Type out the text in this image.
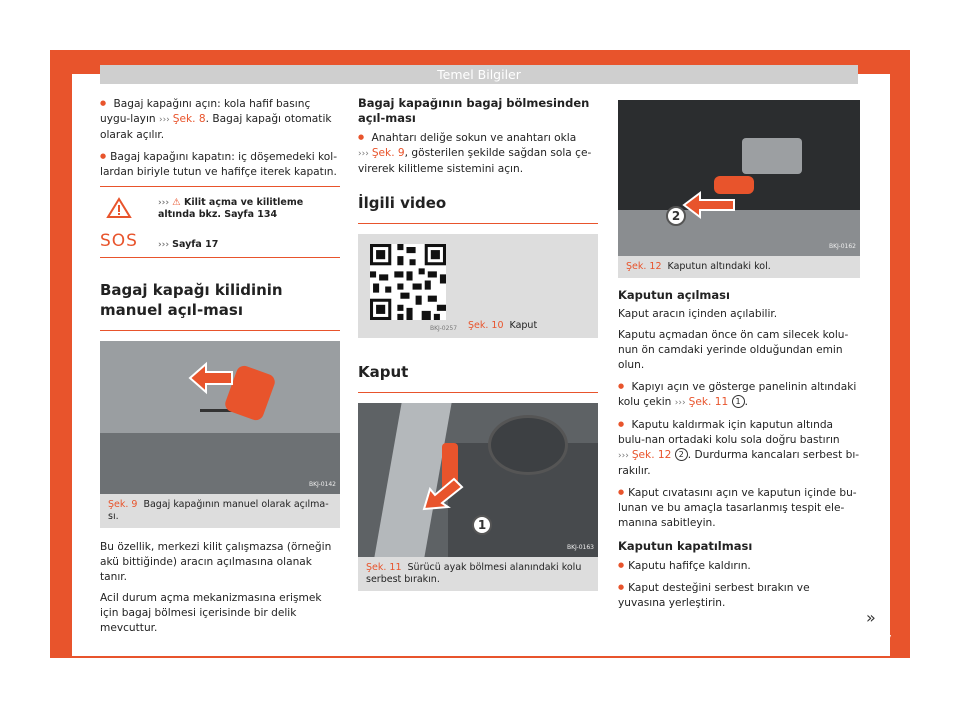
Temel Bilgiler

● Bagaj kapağını açın: kola hafif basınç uygu-layın ››› Şek. 8. Bagaj kapağı otomatik olarak açılır.

● Bagaj kapağını kapatın: iç döşemedeki kol-lardan biriyle tutun ve hafifçe iterek kapatın.

SOS
››› ⚠ Kilit açma ve kilitleme altında bkz. Sayfa 134
››› Sayfa 17
Bagaj kapağı kilidinin manuel açıl-ması
BKJ-0142
Şek. 9 Bagaj kapağının manuel olarak açılma-sı.

Bu özellik, merkezi kilit çalışmazsa (örneğin akü bittiğinde) aracın açılmasına olanak tanır.

Acil durum açma mekanizmasına erişmek için bagaj bölmesi içerisinde bir delik mevcuttur.

Bagaj kapağının bagaj bölmesinden açıl-ması

● Anahtarı deliğe sokun ve anahtarı okla ››› Şek. 9, gösterilen şekilde sağdan sola çe-virerek kilitleme sistemini açın.

İlgili video
BKJ-0257 Şek. 10 Kaput
Kaput
1
BKJ-0163
Şek. 11 Sürücü ayak bölmesi alanındaki kolu serbest bırakın.
2
BKJ-0162
Şek. 12 Kaputun altındaki kol.
Kaputun açılması

Kaput aracın içinden açılabilir.

Kaputu açmadan önce ön cam silecek kolu-nun ön camdaki yerinde olduğundan emin olun.

● Kapıyı açın ve gösterge panelinin altındaki kolu çekin ››› Şek. 11 1 .

● Kaputu kaldırmak için kaputun altında bulu-nan ortadaki kolu sola doğru bastırın ››› Şek. 12 2 . Durdurma kancaları serbest bı-rakılır.

● Kaput cıvatasını açın ve kaputun içinde bu-lunan ve bu amaçla tasarlanmış tespit ele-manına sabitleyin.

Kaputun kapatılması

● Kaputu hafifçe kaldırın.

● Kaput desteğini serbest bırakın ve yuvasına yerleştirin.

»
17
